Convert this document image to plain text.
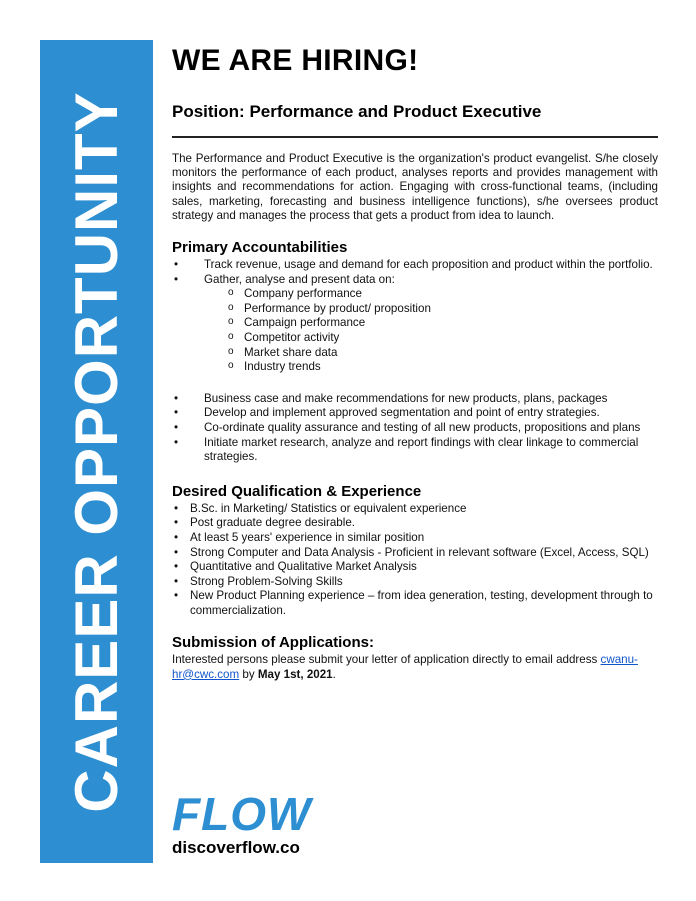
CAREER OPPORTUNITY
WE ARE HIRING!
Position: Performance and Product Executive
The Performance and Product Executive is the organization's product evangelist. S/he closely monitors the performance of each product, analyses reports and provides management with insights and recommendations for action. Engaging with cross-functional teams, (including sales, marketing, forecasting and business intelligence functions), s/he oversees product strategy and manages the process that gets a product from idea to launch.
Primary Accountabilities
• Track revenue, usage and demand for each proposition and product within the portfolio.
• Gather, analyse and present data on:
o Company performance
o Performance by product/ proposition
o Campaign performance
o Competitor activity
o Market share data
o Industry trends
• Business case and make recommendations for new products, plans, packages
• Develop and implement approved segmentation and point of entry strategies.
• Co-ordinate quality assurance and testing of all new products, propositions and plans
• Initiate market research, analyze and report findings with clear linkage to commercial strategies.
Desired Qualification & Experience
• B.Sc. in Marketing/ Statistics or equivalent experience
• Post graduate degree desirable.
• At least 5 years' experience in similar position
• Strong Computer and Data Analysis - Proficient in relevant software (Excel, Access, SQL)
• Quantitative and Qualitative Market Analysis
• Strong Problem-Solving Skills
• New Product Planning experience – from idea generation, testing, development through to commercialization.
Submission of Applications:
Interested persons please submit your letter of application directly to email address cwanu-hr@cwc.com by May 1st, 2021.
FLOW
discoverflow.co
